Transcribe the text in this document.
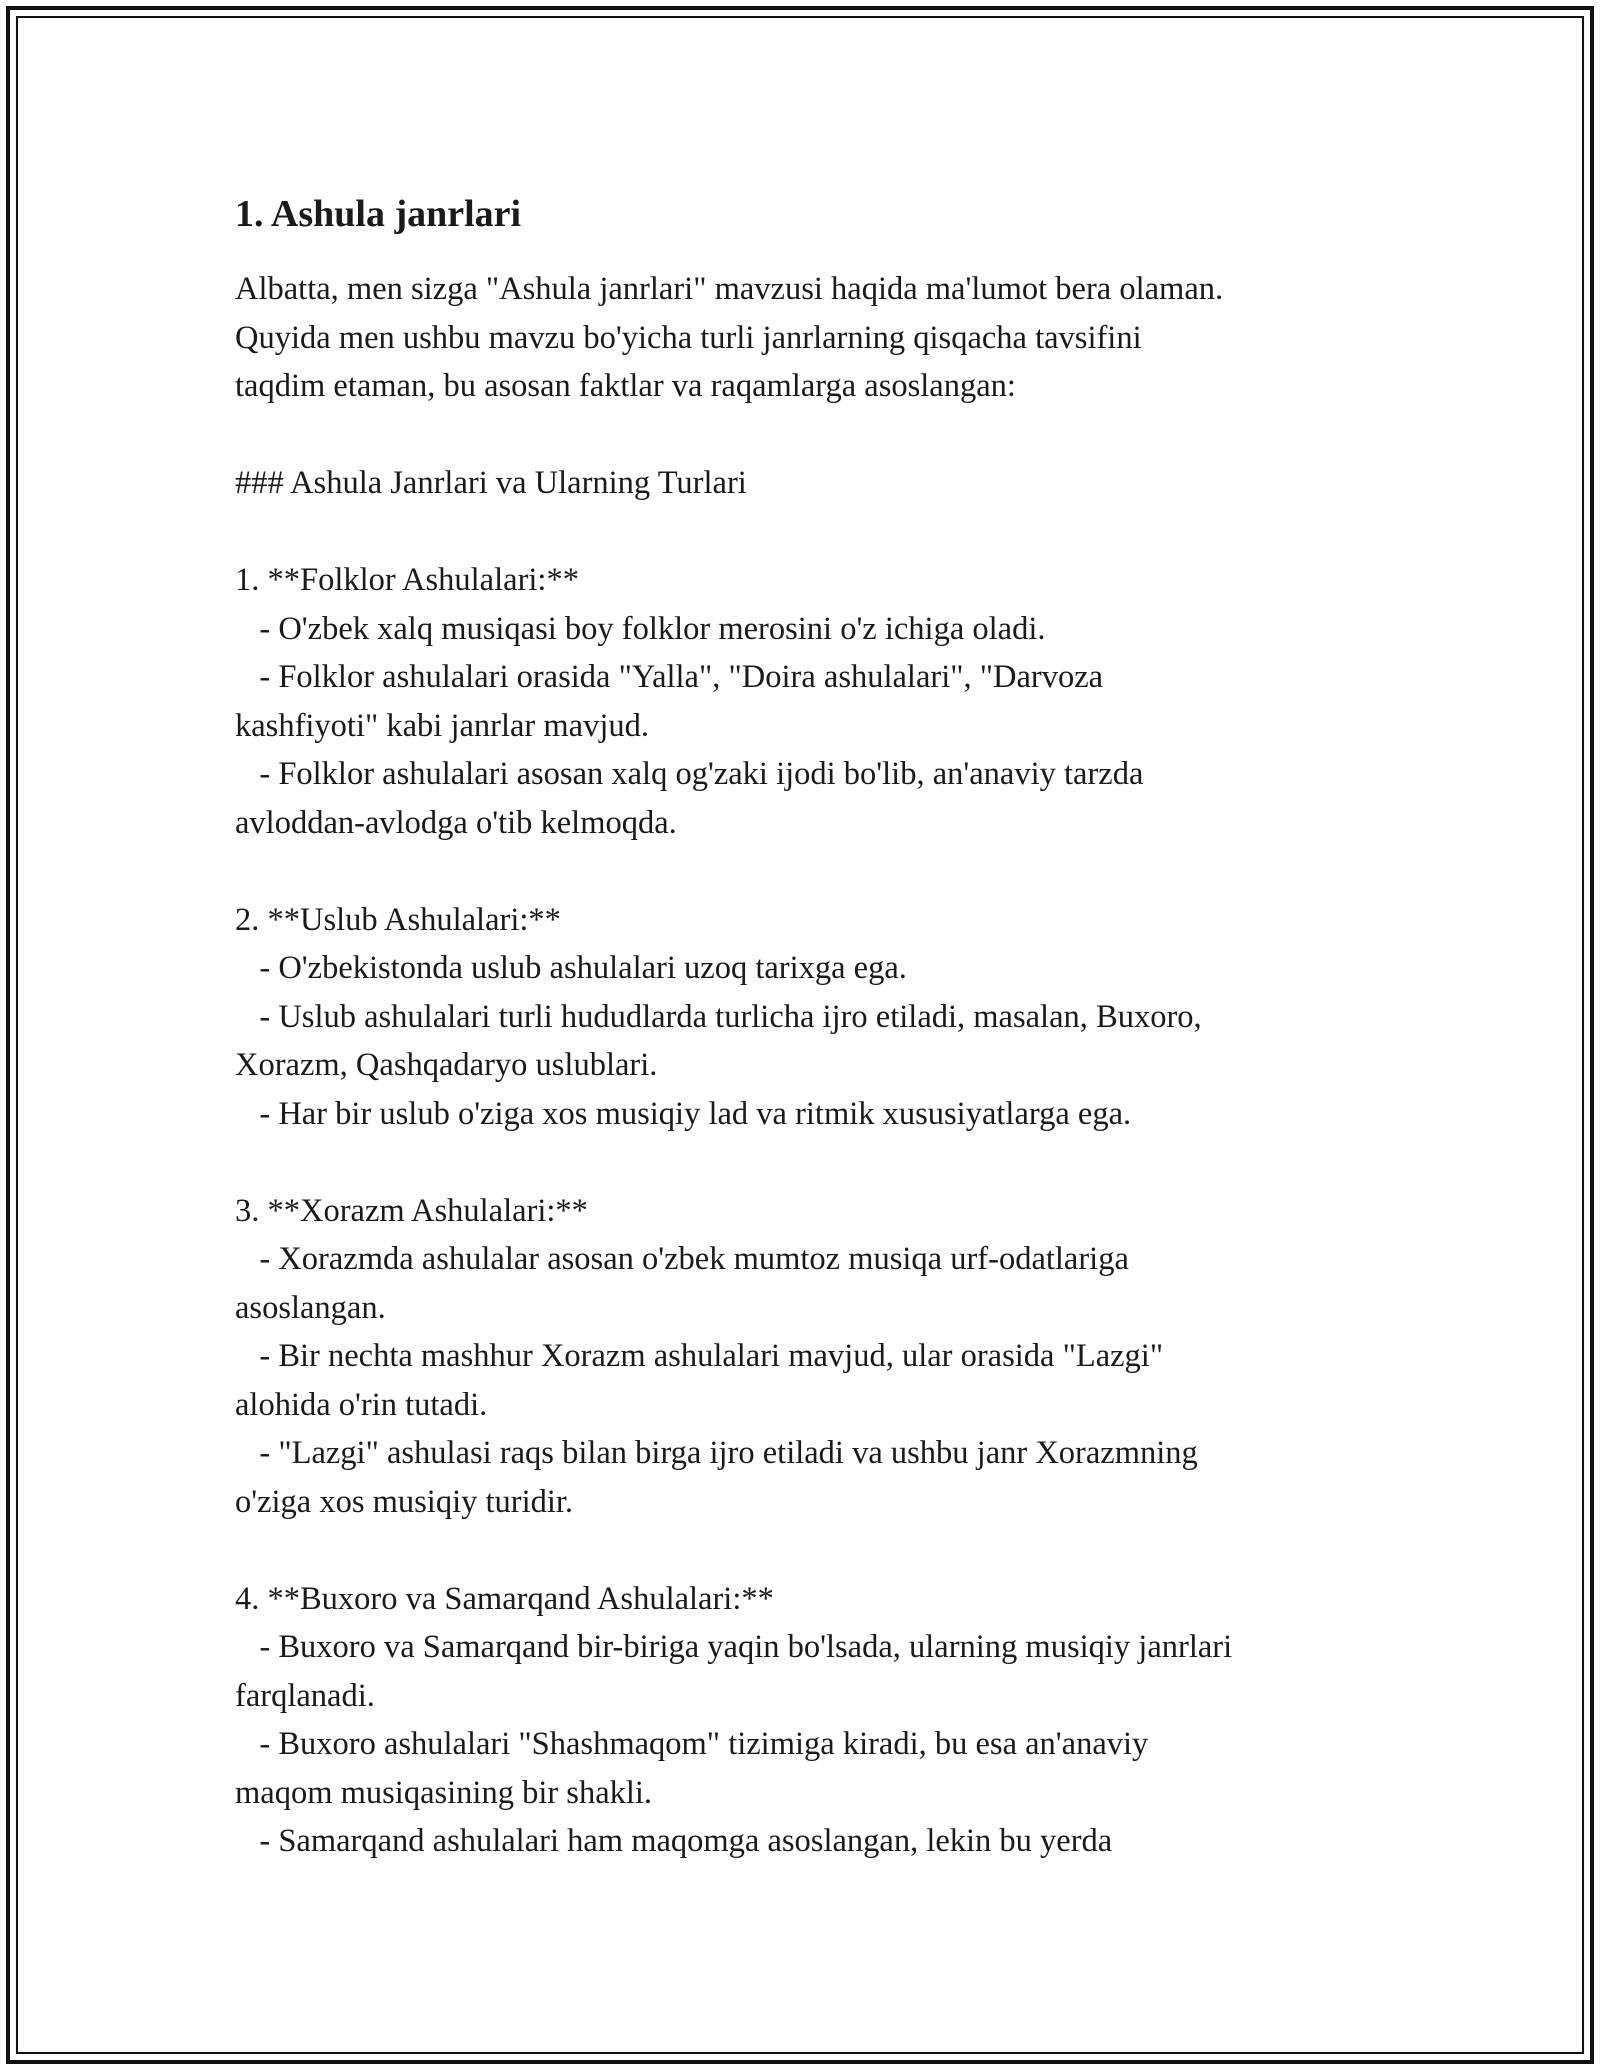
1. Ashula janrlari

Albatta, men sizga "Ashula janrlari" mavzusi haqida ma'lumot bera olaman.
Quyida men ushbu mavzu bo'yicha turli janrlarning qisqacha tavsifini
taqdim etaman, bu asosan faktlar va raqamlarga asoslangan:

### Ashula Janrlari va Ularning Turlari

1. **Folklor Ashulalari:**
- O'zbek xalq musiqasi boy folklor merosini o'z ichiga oladi.
- Folklor ashulalari orasida "Yalla", "Doira ashulalari", "Darvoza
kashfiyoti" kabi janrlar mavjud.
- Folklor ashulalari asosan xalq og'zaki ijodi bo'lib, an'anaviy tarzda
avloddan-avlodga o'tib kelmoqda.

2. **Uslub Ashulalari:**
- O'zbekistonda uslub ashulalari uzoq tarixga ega.
- Uslub ashulalari turli hududlarda turlicha ijro etiladi, masalan, Buxoro,
Xorazm, Qashqadaryo uslublari.
- Har bir uslub o'ziga xos musiqiy lad va ritmik xususiyatlarga ega.

3. **Xorazm Ashulalari:**
- Xorazmda ashulalar asosan o'zbek mumtoz musiqa urf-odatlariga
asoslangan.
- Bir nechta mashhur Xorazm ashulalari mavjud, ular orasida "Lazgi"
alohida o'rin tutadi.
- "Lazgi" ashulasi raqs bilan birga ijro etiladi va ushbu janr Xorazmning
o'ziga xos musiqiy turidir.

4. **Buxoro va Samarqand Ashulalari:**
- Buxoro va Samarqand bir-biriga yaqin bo'lsada, ularning musiqiy janrlari
farqlanadi.
- Buxoro ashulalari "Shashmaqom" tizimiga kiradi, bu esa an'anaviy
maqom musiqasining bir shakli.
- Samarqand ashulalari ham maqomga asoslangan, lekin bu yerda
